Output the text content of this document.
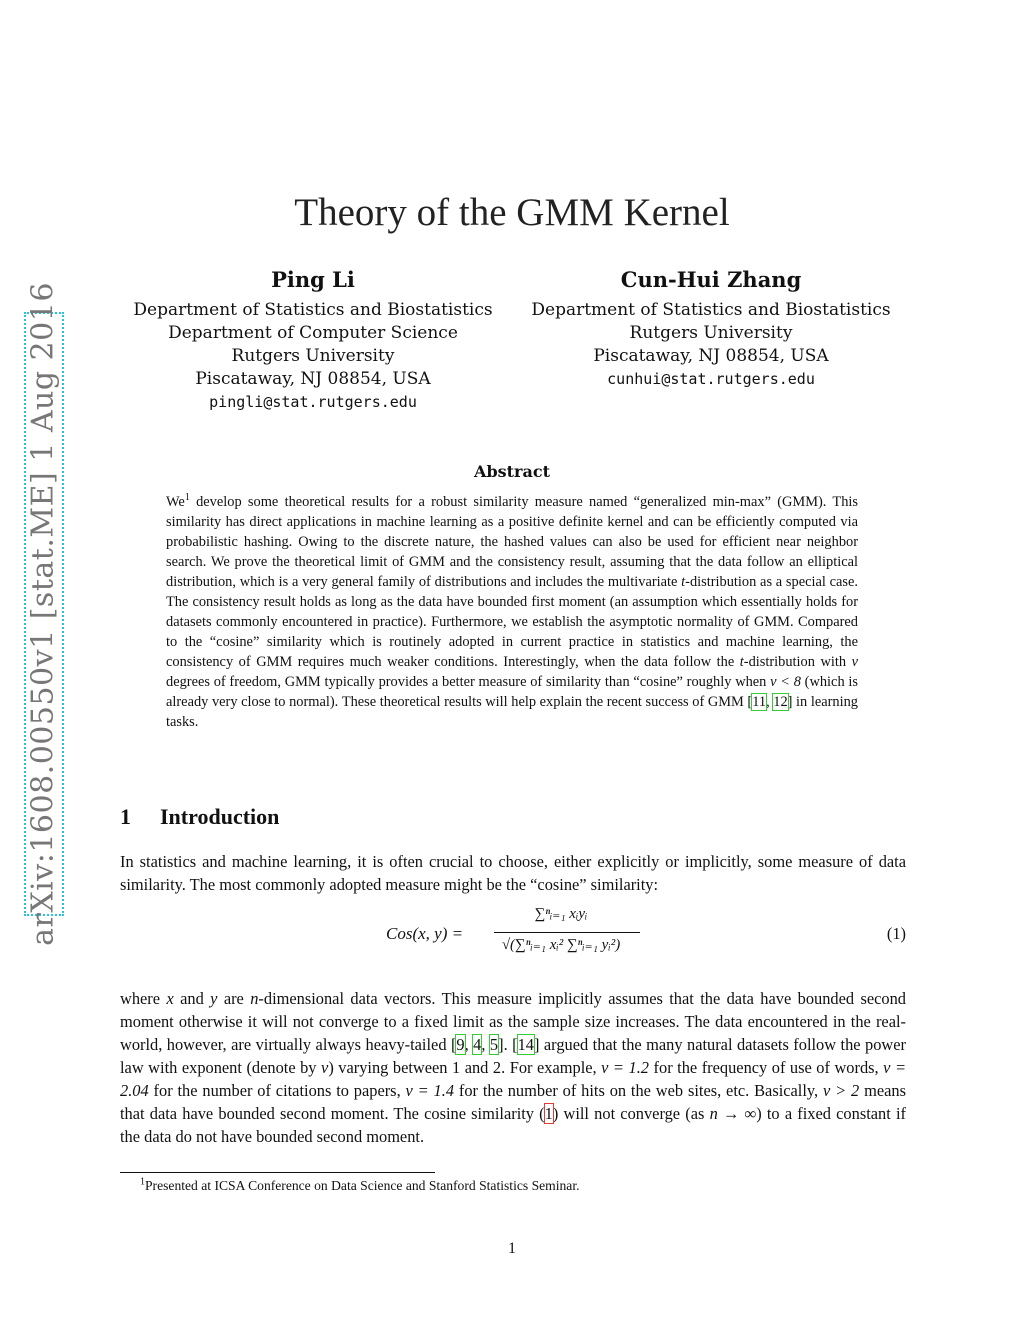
arXiv:1608.00550v1 [stat.ME] 1 Aug 2016
Theory of the GMM Kernel
Ping Li
Department of Statistics and Biostatistics
Department of Computer Science
Rutgers University
Piscataway, NJ 08854, USA
pingli@stat.rutgers.edu
Cun-Hui Zhang
Department of Statistics and Biostatistics
Rutgers University
Piscataway, NJ 08854, USA
cunhui@stat.rutgers.edu
Abstract
We$^1$ develop some theoretical results for a robust similarity measure named “generalized min-max” (GMM). This similarity has direct applications in machine learning as a positive definite kernel and can be efficiently computed via probabilistic hashing. Owing to the discrete nature, the hashed values can also be used for efficient near neighbor search. We prove the theoretical limit of GMM and the consistency result, assuming that the data follow an elliptical distribution, which is a very general family of distributions and includes the multivariate t-distribution as a special case. The consistency result holds as long as the data have bounded first moment (an assumption which essentially holds for datasets commonly encountered in practice). Furthermore, we establish the asymptotic normality of GMM. Compared to the “cosine” similarity which is routinely adopted in current practice in statistics and machine learning, the consistency of GMM requires much weaker conditions. Interestingly, when the data follow the t-distribution with ν degrees of freedom, GMM typically provides a better measure of similarity than “cosine” roughly when ν < 8 (which is already very close to normal). These theoretical results will help explain the recent success of GMM [11, 12] in learning tasks.
1 Introduction
In statistics and machine learning, it is often crucial to choose, either explicitly or implicitly, some measure of data similarity. The most commonly adopted measure might be the “cosine” similarity:
Cos(x, y) =
∑ⁿᵢ₌₁ xᵢyᵢ
√(∑ⁿᵢ₌₁ xᵢ² ∑ⁿᵢ₌₁ yᵢ²)
(1)
where x and y are n-dimensional data vectors. This measure implicitly assumes that the data have bounded second moment otherwise it will not converge to a fixed limit as the sample size increases. The data encountered in the real-world, however, are virtually always heavy-tailed [9, 4, 5]. [14] argued that the many natural datasets follow the power law with exponent (denote by ν) varying between 1 and 2. For example, ν = 1.2 for the frequency of use of words, ν = 2.04 for the number of citations to papers, ν = 1.4 for the number of hits on the web sites, etc. Basically, ν > 2 means that data have bounded second moment. The cosine similarity (1) will not converge (as n → ∞) to a fixed constant if the data do not have bounded second moment.
$^1$Presented at ICSA Conference on Data Science and Stanford Statistics Seminar.
1
